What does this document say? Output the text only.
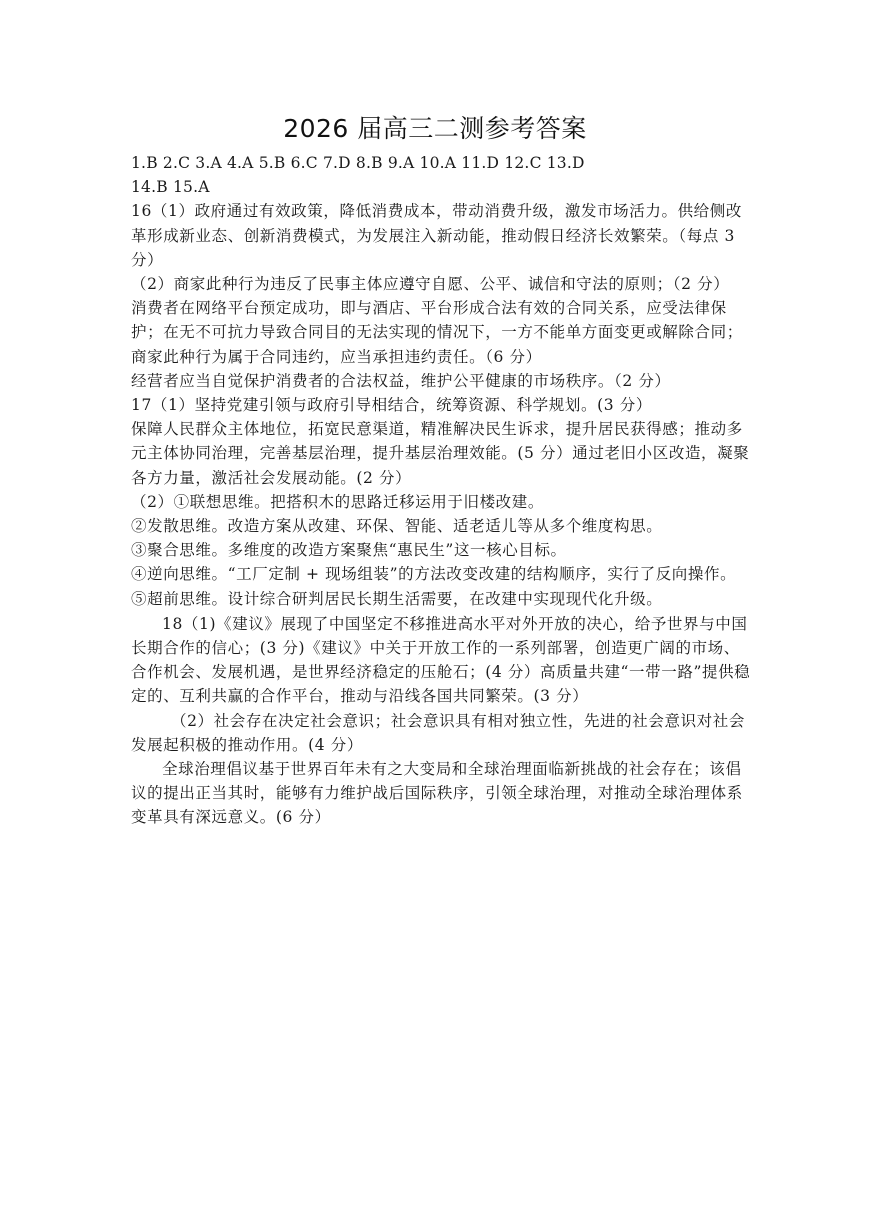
2026 届高三二测参考答案
1.B 2.C 3.A 4.A 5.B 6.C 7.D 8.B 9.A 10.A 11.D 12.C 13.D
14.B 15.A
16（1）政府通过有效政策，降低消费成本，带动消费升级，激发市场活力。供给侧改革形成新业态、创新消费模式，为发展注入新动能，推动假日经济长效繁荣。（每点 3 分）
（2）商家此种行为违反了民事主体应遵守自愿、公平、诚信和守法的原则；（2 分）
消费者在网络平台预定成功，即与酒店、平台形成合法有效的合同关系，应受法律保护；在无不可抗力导致合同目的无法实现的情况下，一方不能单方面变更或解除合同；商家此种行为属于合同违约，应当承担违约责任。（6 分）
经营者应当自觉保护消费者的合法权益，维护公平健康的市场秩序。（2 分）
17（1）坚持党建引领与政府引导相结合，统筹资源、科学规划。(3 分）
保障人民群众主体地位，拓宽民意渠道，精准解决民生诉求，提升居民获得感；推动多元主体协同治理，完善基层治理，提升基层治理效能。(5 分）通过老旧小区改造，凝聚各方力量，激活社会发展动能。(2 分）
（2）①联想思维。把搭积木的思路迁移运用于旧楼改建。
②发散思维。改造方案从改建、环保、智能、适老适儿等从多个维度构思。
③聚合思维。多维度的改造方案聚焦“惠民生”这一核心目标。
④逆向思维。“工厂定制 + 现场组装”的方法改变改建的结构顺序，实行了反向操作。
⑤超前思维。设计综合研判居民长期生活需要，在改建中实现现代化升级。
18（1)《建议》展现了中国坚定不移推进高水平对外开放的决心，给予世界与中国长期合作的信心；(3 分)《建议》中关于开放工作的一系列部署，创造更广阔的市场、合作机会、发展机遇，是世界经济稳定的压舱石；(4 分）高质量共建“一带一路”提供稳定的、互利共赢的合作平台，推动与沿线各国共同繁荣。(3 分）
（2）社会存在决定社会意识；社会意识具有相对独立性，先进的社会意识对社会发展起积极的推动作用。(4 分）
全球治理倡议基于世界百年未有之大变局和全球治理面临新挑战的社会存在；该倡议的提出正当其时，能够有力维护战后国际秩序，引领全球治理，对推动全球治理体系变革具有深远意义。(6 分）
